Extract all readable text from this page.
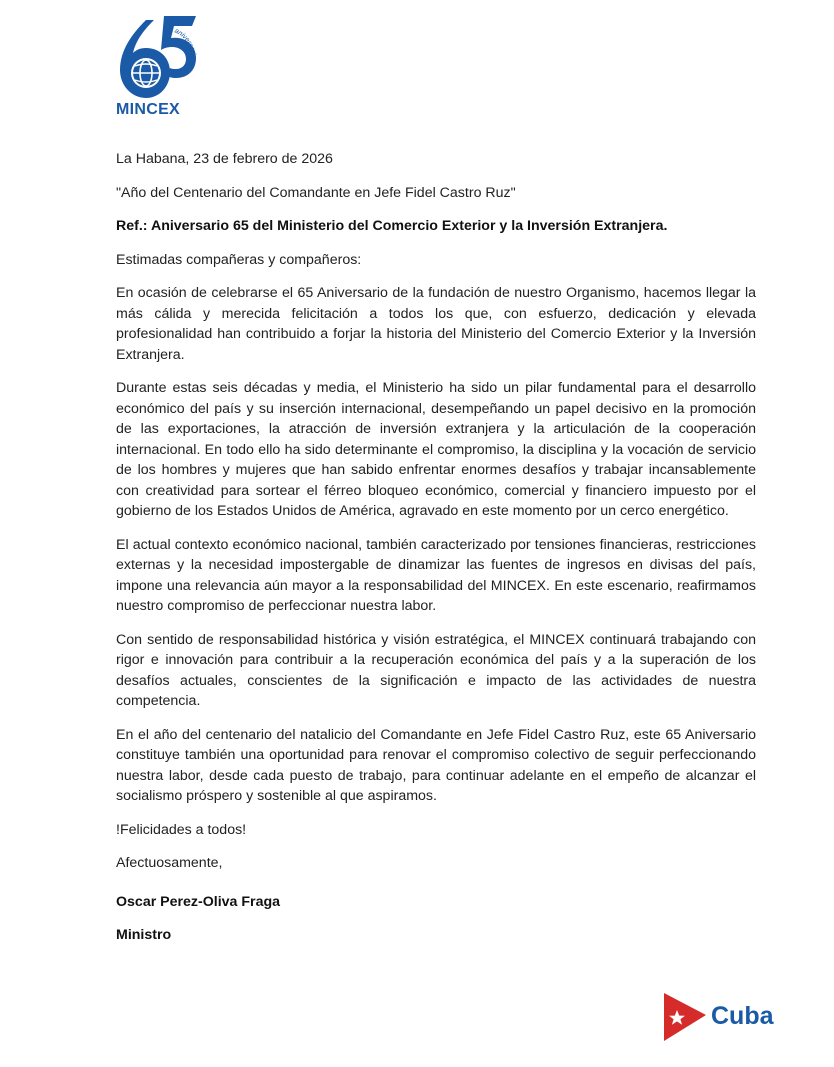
aniversario
MINCEX

La Habana, 23 de febrero de 2026

"Año del Centenario del Comandante en Jefe Fidel Castro Ruz"

Ref.: Aniversario 65 del Ministerio del Comercio Exterior y la Inversión Extranjera.

Estimadas compañeras y compañeros:

En ocasión de celebrarse el 65 Aniversario de la fundación de nuestro Organismo, hacemos llegar la más cálida y merecida felicitación a todos los que, con esfuerzo, dedicación y elevada profesionalidad han contribuido a forjar la historia del Ministerio del Comercio Exterior y la Inversión Extranjera.

Durante estas seis décadas y media, el Ministerio ha sido un pilar fundamental para el desarrollo económico del país y su inserción internacional, desempeñando un papel decisivo en la promoción de las exportaciones, la atracción de inversión extranjera y la articulación de la cooperación internacional. En todo ello ha sido determinante el compromiso, la disciplina y la vocación de servicio de los hombres y mujeres que han sabido enfrentar enormes desafíos y trabajar incansablemente con creatividad para sortear el férreo bloqueo económico, comercial y financiero impuesto por el gobierno de los Estados Unidos de América, agravado en este momento por un cerco energético.

El actual contexto económico nacional, también caracterizado por tensiones financieras, restricciones externas y la necesidad impostergable de dinamizar las fuentes de ingresos en divisas del país, impone una relevancia aún mayor a la responsabilidad del MINCEX. En este escenario, reafirmamos nuestro compromiso de perfeccionar nuestra labor.

Con sentido de responsabilidad histórica y visión estratégica, el MINCEX continuará trabajando con rigor e innovación para contribuir a la recuperación económica del país y a la superación de los desafíos actuales, conscientes de la significación e impacto de las actividades de nuestra competencia.

En el año del centenario del natalicio del Comandante en Jefe Fidel Castro Ruz, este 65 Aniversario constituye también una oportunidad para renovar el compromiso colectivo de seguir perfeccionando nuestra labor, desde cada puesto de trabajo, para continuar adelante en el empeño de alcanzar el socialismo próspero y sostenible al que aspiramos.

!Felicidades a todos!

Afectuosamente,

Oscar Perez-Oliva Fraga

Ministro

Cuba
